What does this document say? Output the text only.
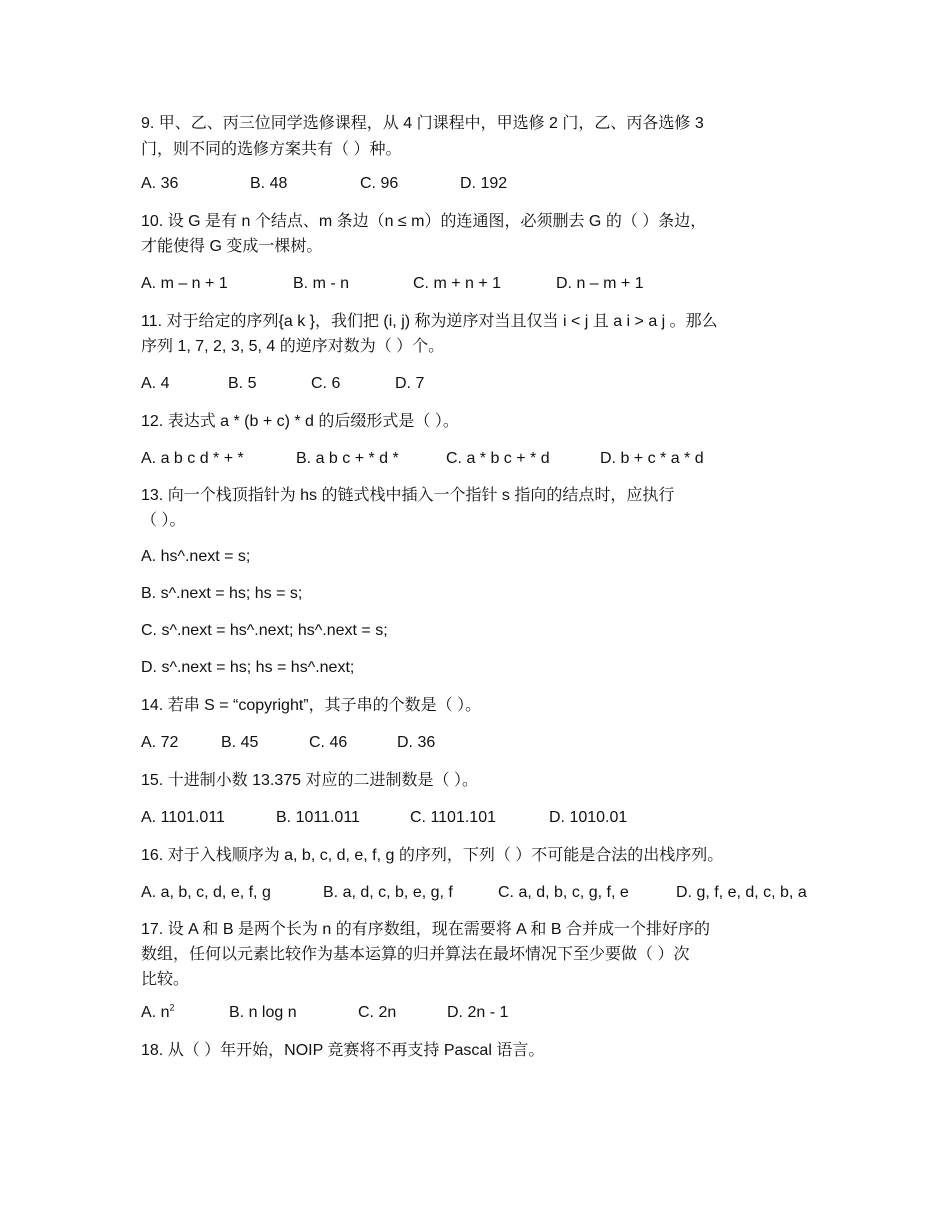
9. 甲、乙、丙三位同学选修课程，从 4 门课程中，甲选修 2 门，乙、丙各选修 3
门，则不同的选修方案共有（ ）种。
A. 36	B. 48	C. 96	D. 192
10. 设 G 是有 n 个结点、m 条边（n ≤ m）的连通图，必须删去 G 的（ ）条边，
才能使得 G 变成一棵树。
A. m – n + 1	B. m - n	C. m + n + 1	D. n – m + 1
11. 对于给定的序列{a k }，我们把 (i, j) 称为逆序对当且仅当 i < j 且 a i > a j 。那么
序列 1, 7, 2, 3, 5, 4 的逆序对数为（ ）个。
A. 4	B. 5	C. 6	D. 7
12. 表达式 a * (b + c) * d 的后缀形式是（ ）。
A. a b c d * + *	B. a b c + * d *	C. a * b c + * d	D. b + c * a * d
13. 向一个栈顶指针为 hs 的链式栈中插入一个指针 s 指向的结点时，应执行
（ ）。
A. hs^.next = s;
B. s^.next = hs; hs = s;
C. s^.next = hs^.next; hs^.next = s;
D. s^.next = hs; hs = hs^.next;
14. 若串 S = “copyright”，其子串的个数是（ ）。
A. 72	B. 45	C. 46	D. 36
15. 十进制小数 13.375 对应的二进制数是（ ）。
A. 1101.011	B. 1011.011	C. 1101.101	D. 1010.01
16. 对于入栈顺序为 a, b, c, d, e, f, g 的序列，下列（ ）不可能是合法的出栈序列。
A. a, b, c, d, e, f, g	B. a, d, c, b, e, g, f	C. a, d, b, c, g, f, e	D. g, f, e, d, c, b, a
17. 设 A 和 B 是两个长为 n 的有序数组，现在需要将 A 和 B 合并成一个排好序的
数组，任何以元素比较作为基本运算的归并算法在最坏情况下至少要做（ ）次
比较。
A. $n^2$	B. n log n	C. 2n	D. 2n - 1
18. 从（ ）年开始，NOIP 竞赛将不再支持 Pascal 语言。
